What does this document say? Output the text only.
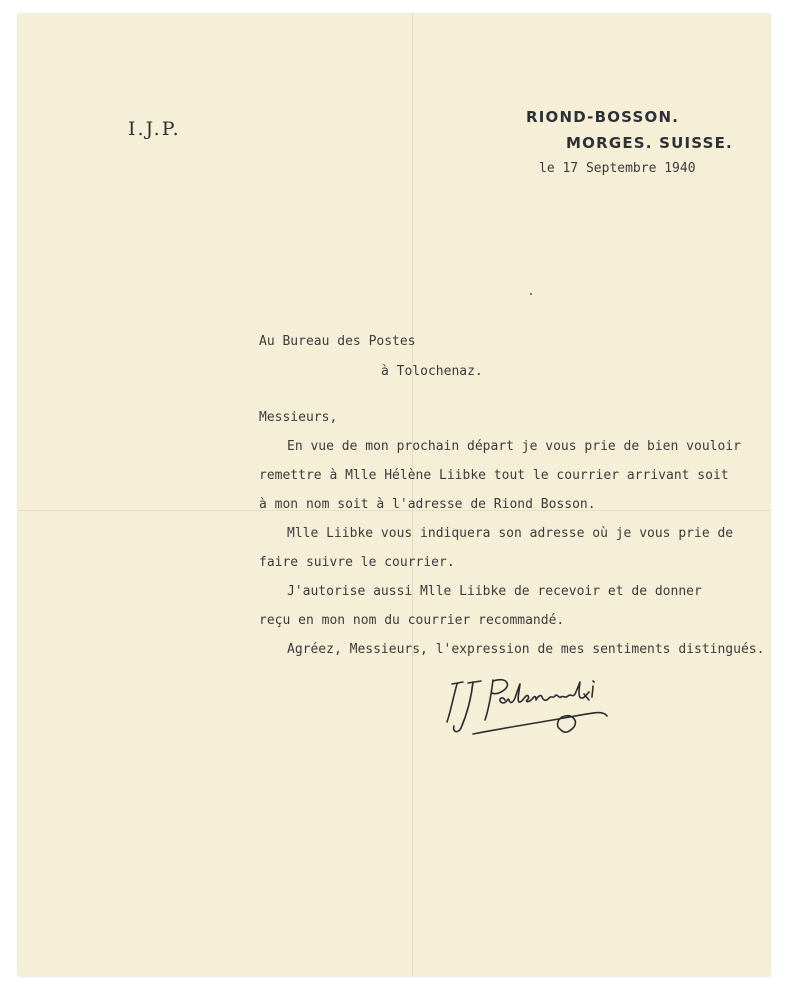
I.J.P.
RIOND-BOSSON.
MORGES. SUISSE.
le 17 Septembre 1940
Au Bureau des Postes
à Tolochenaz.
Messieurs,
En vue de mon prochain départ je vous prie de bien vouloir
remettre à Mlle Hélène Liibke tout le courrier arrivant soit
à mon nom soit à l'adresse de Riond Bosson.
Mlle Liibke vous indiquera son adresse où je vous prie de
faire suivre le courrier.
J'autorise aussi Mlle Liibke de recevoir et de donner
reçu en mon nom du courrier recommandé.
Agréez, Messieurs, l'expression de mes sentiments distingués.
